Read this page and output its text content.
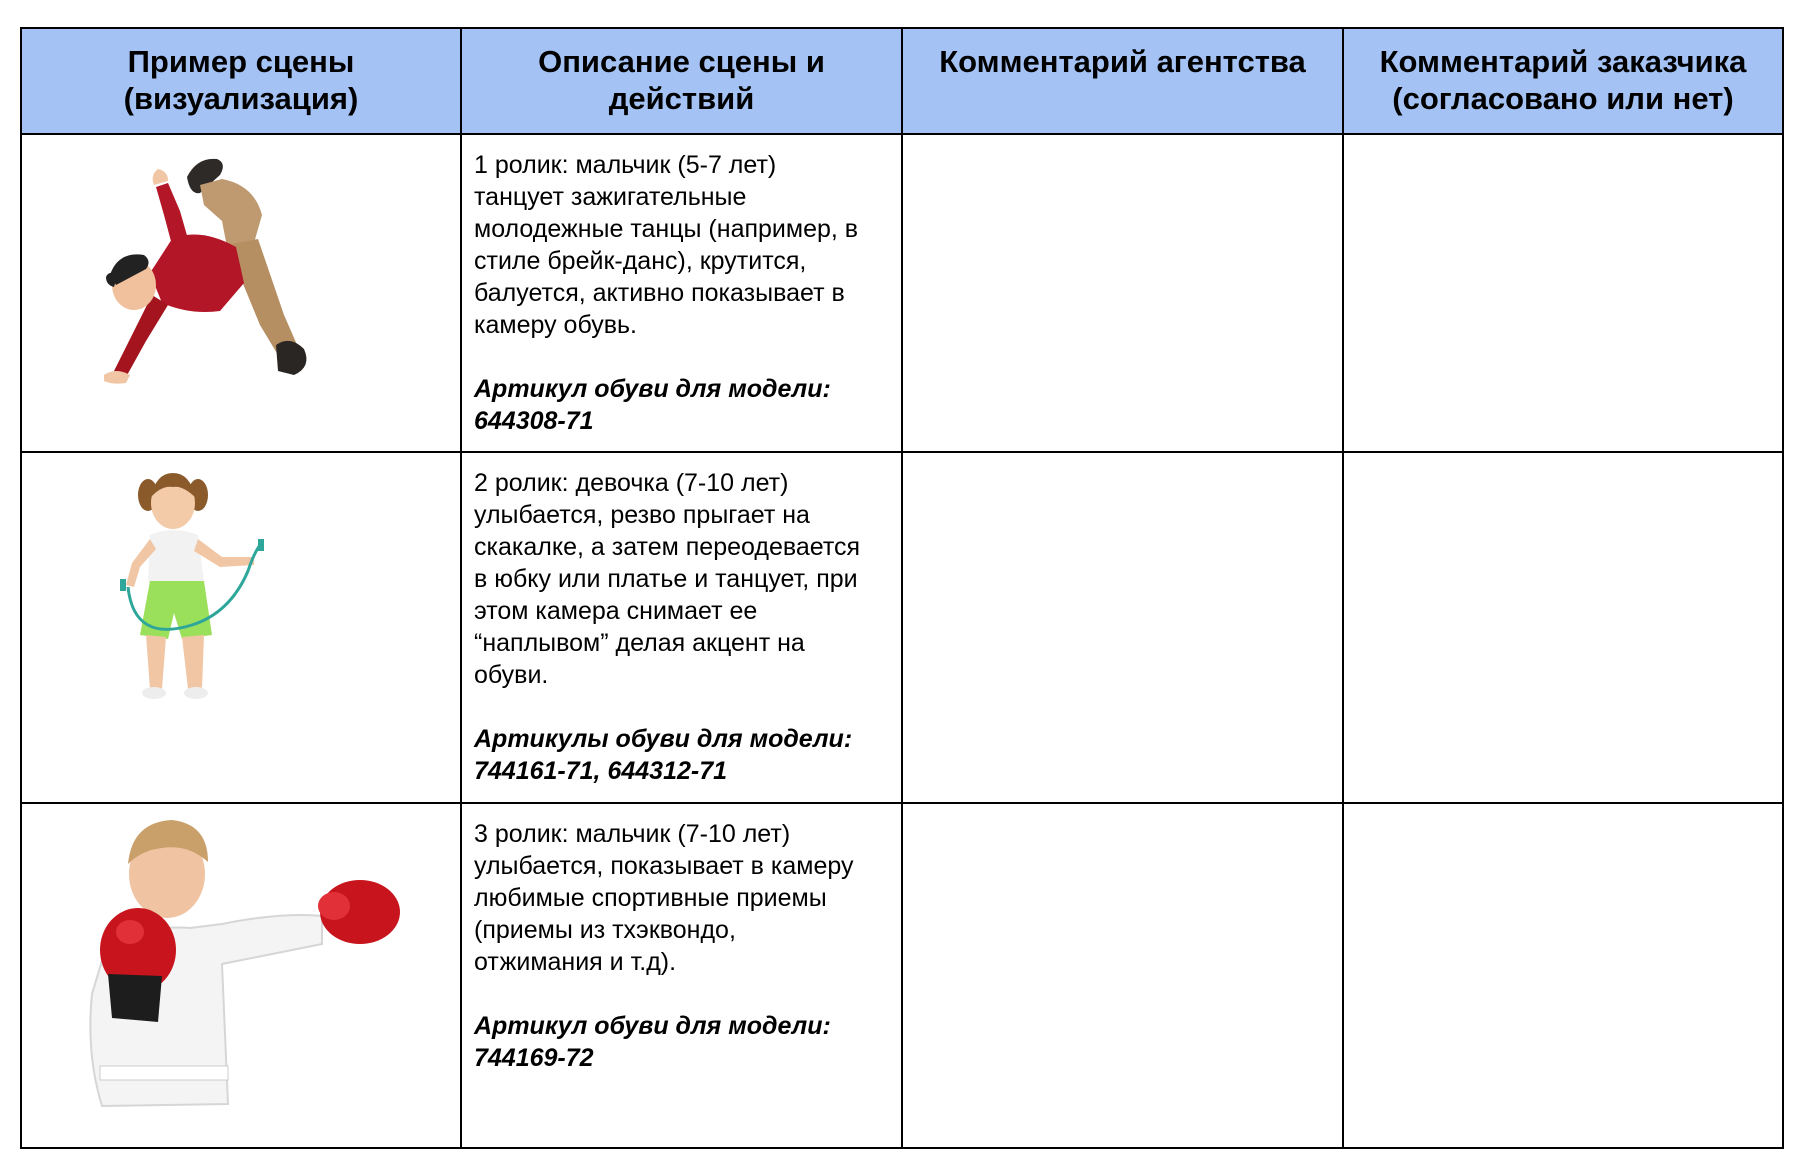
Пример сцены
(визуализация)
Описание сцены и
действий
Комментарий агентства	Комментарий заказчика
(согласовано или нет)
1 ролик: мальчик (5-7 лет)
танцует зажигательные
молодежные танцы (например, в
стиле брейк-данс), крутится,
балуется, активно показывает в
камеру обувь.
Артикул обуви для модели:
644308-71
2 ролик: девочка (7-10 лет)
улыбается, резво прыгает на
скакалке, а затем переодевается
в юбку или платье и танцует, при
этом камера снимает ее
“наплывом” делая акцент на
обуви.
Артикулы обуви для модели:
744161-71, 644312-71
3 ролик: мальчик (7-10 лет)
улыбается, показывает в камеру
любимые спортивные приемы
(приемы из тхэквондо,
отжимания и т.д).
Артикул обуви для модели:
744169-72
